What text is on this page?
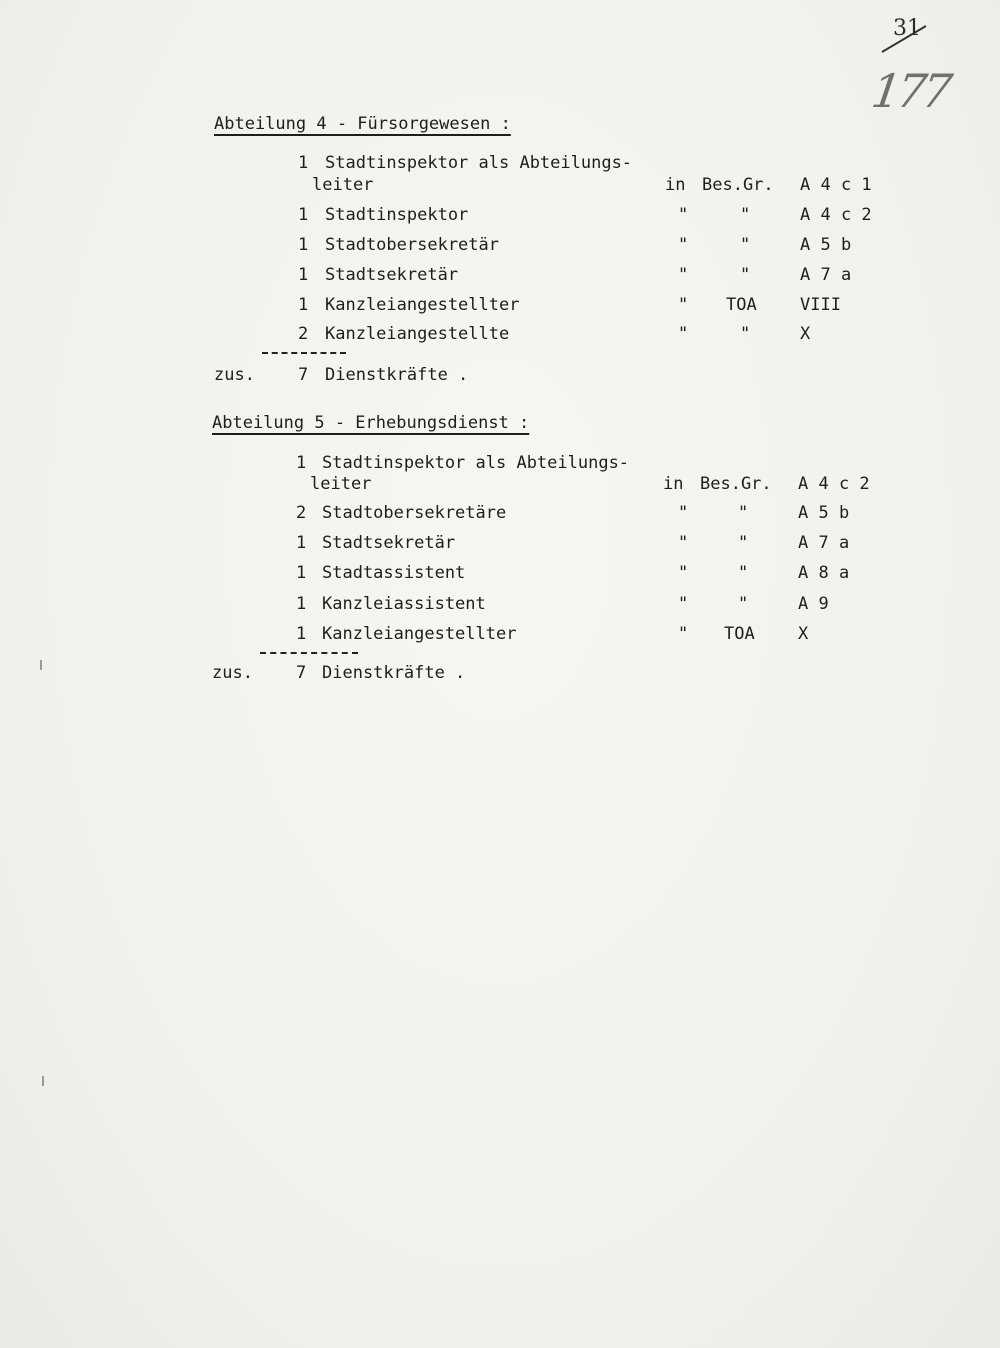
31
177
Abteilung 4 - Fürsorgewesen :
1 Stadtinspektor als Abteilungs-
leiter	in Bes.Gr. A 4 c 1
1 Stadtinspektor	"	"	A 4 c 2
1 Stadtobersekretär	"	"	A 5 b
1 Stadtsekretär	"	"	A 7 a
1 Kanzleiangestellter	" TOA	VIII
2 Kanzleiangestellte	"	"	X
zus.	7 Dienstkräfte .
Abteilung 5 - Erhebungsdienst :
1 Stadtinspektor als Abteilungs-
leiter	in Bes.Gr. A 4 c 2
2 Stadtobersekretäre	"	"	A 5 b
1 Stadtsekretär	"	"	A 7 a
1 Stadtassistent	"	"	A 8 a
1 Kanzleiassistent	"	"	A 9
1 Kanzleiangestellter	" TOA	X
zus.	7 Dienstkräfte .
